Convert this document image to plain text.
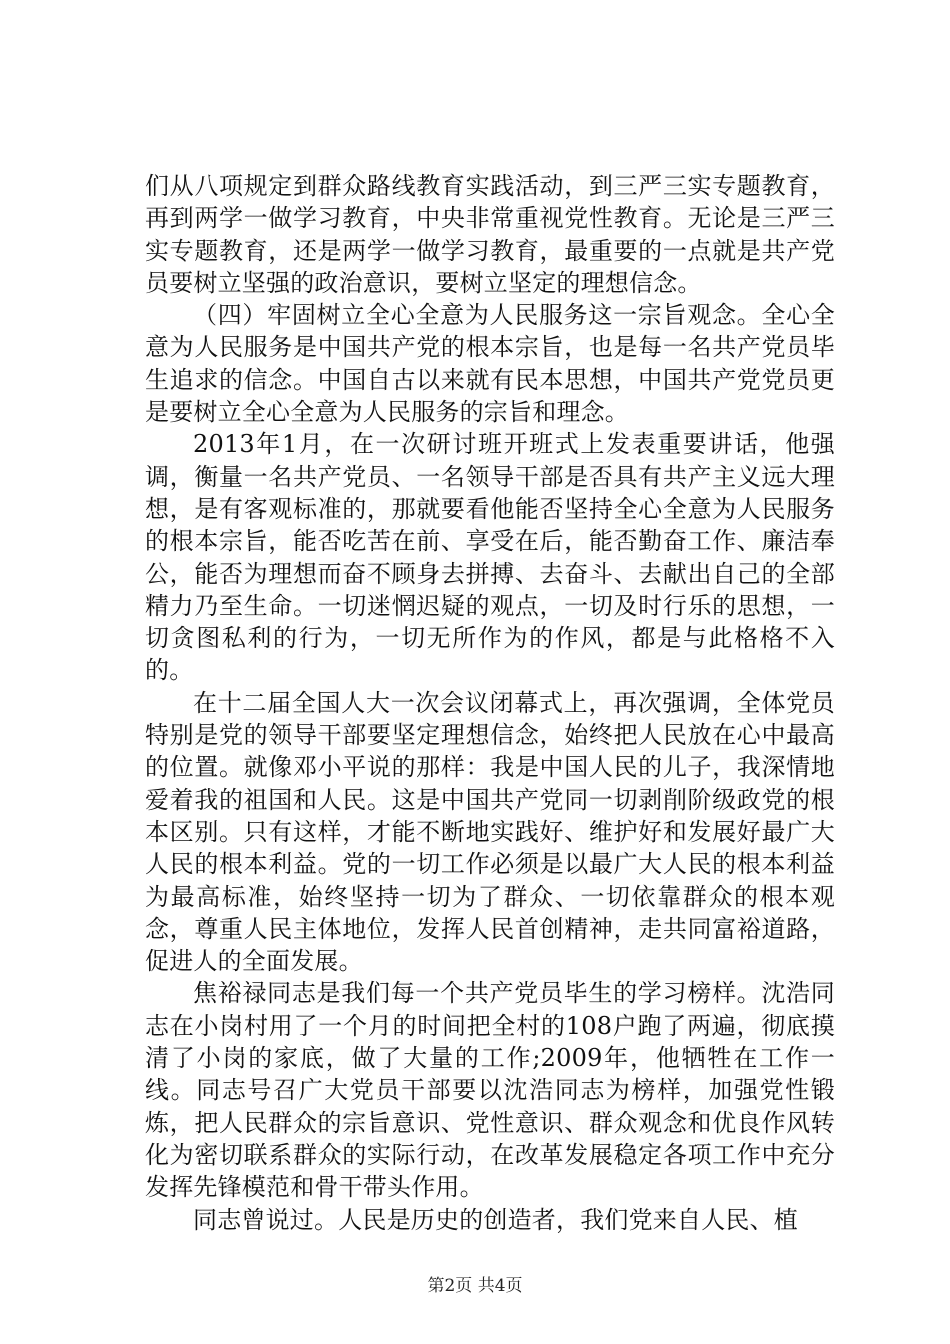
们从八项规定到群众路线教育实践活动，到三严三实专题教育，再到两学一做学习教育，中央非常重视党性教育。无论是三严三实专题教育，还是两学一做学习教育，最重要的一点就是共产党员要树立坚强的政治意识，要树立坚定的理想信念。

（四）牢固树立全心全意为人民服务这一宗旨观念。全心全意为人民服务是中国共产党的根本宗旨，也是每一名共产党员毕生追求的信念。中国自古以来就有民本思想，中国共产党党员更是要树立全心全意为人民服务的宗旨和理念。

2013年1月，在一次研讨班开班式上发表重要讲话，他强调，衡量一名共产党员、一名领导干部是否具有共产主义远大理想，是有客观标准的，那就要看他能否坚持全心全意为人民服务的根本宗旨，能否吃苦在前、享受在后，能否勤奋工作、廉洁奉公，能否为理想而奋不顾身去拼搏、去奋斗、去献出自己的全部精力乃至生命。一切迷惘迟疑的观点，一切及时行乐的思想，一切贪图私利的行为，一切无所作为的作风，都是与此格格不入的。

在十二届全国人大一次会议闭幕式上，再次强调，全体党员特别是党的领导干部要坚定理想信念，始终把人民放在心中最高的位置。就像邓小平说的那样：我是中国人民的儿子，我深情地爱着我的祖国和人民。这是中国共产党同一切剥削阶级政党的根本区别。只有这样，才能不断地实践好、维护好和发展好最广大人民的根本利益。党的一切工作必须是以最广大人民的根本利益为最高标准，始终坚持一切为了群众、一切依靠群众的根本观念，尊重人民主体地位，发挥人民首创精神，走共同富裕道路，促进人的全面发展。

焦裕禄同志是我们每一个共产党员毕生的学习榜样。沈浩同志在小岗村用了一个月的时间把全村的108户跑了两遍，彻底摸清了小岗的家底，做了大量的工作;2009年，他牺牲在工作一线。同志号召广大党员干部要以沈浩同志为榜样，加强党性锻炼，把人民群众的宗旨意识、党性意识、群众观念和优良作风转化为密切联系群众的实际行动，在改革发展稳定各项工作中充分发挥先锋模范和骨干带头作用。

同志曾说过。人民是历史的创造者，我们党来自人民、植

第2页 共4页
